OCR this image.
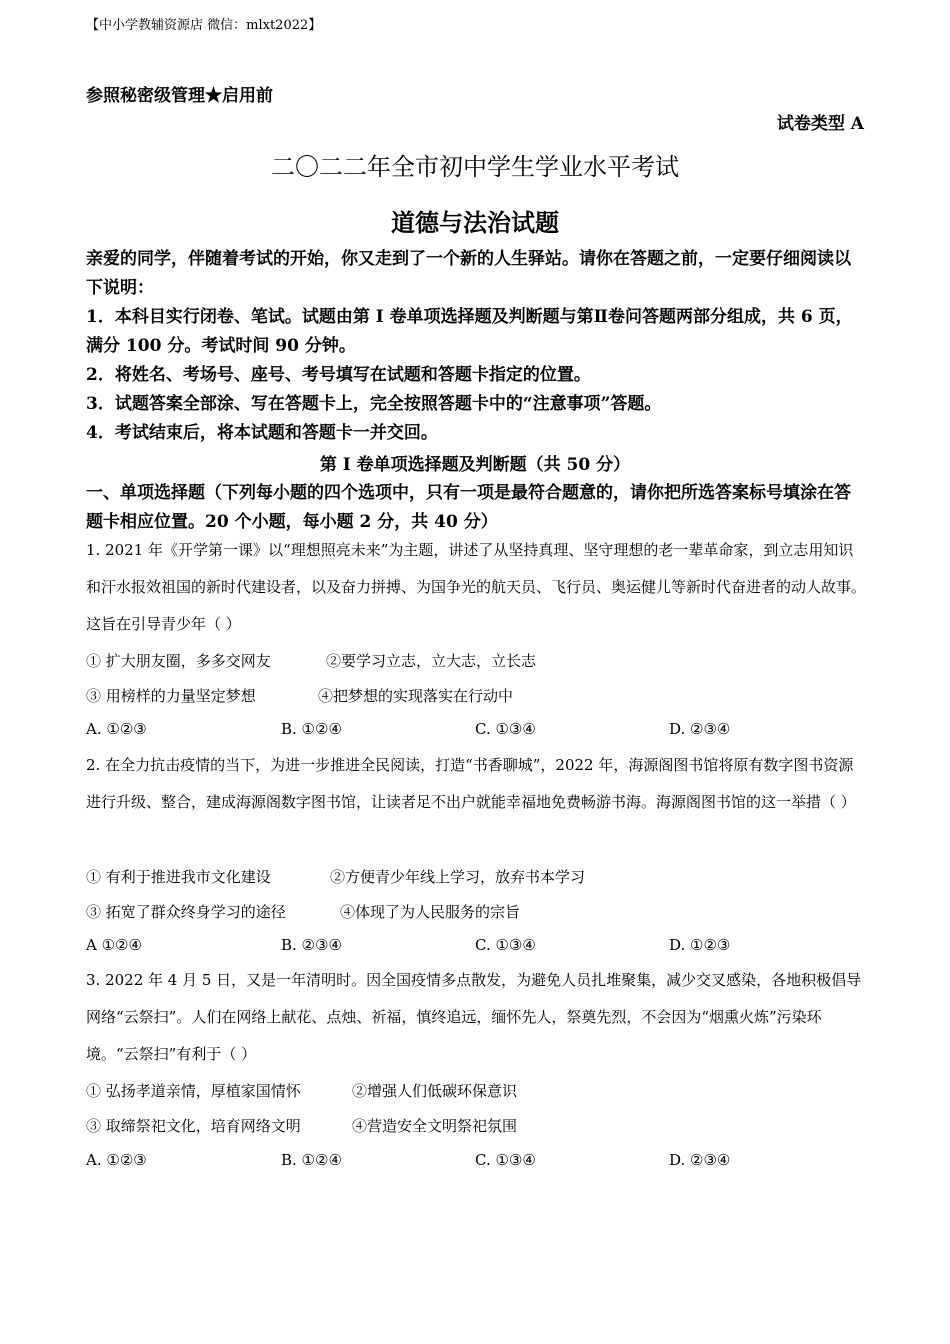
【中小学教辅资源店 微信：mlxt2022】
参照秘密级管理★启用前
试卷类型 A
二〇二二年全市初中学生学业水平考试
道德与法治试题
亲爱的同学，伴随着考试的开始，你又走到了一个新的人生驿站。请你在答题之前，一定要仔细阅读以下说明：
1．本科目实行闭卷、笔试。试题由第 I 卷单项选择题及判断题与第Ⅱ卷问答题两部分组成，共 6 页，满分 100 分。考试时间 90 分钟。
2．将姓名、考场号、座号、考号填写在试题和答题卡指定的位置。
3．试题答案全部涂、写在答题卡上，完全按照答题卡中的“注意事项”答题。
4．考试结束后，将本试题和答题卡一并交回。
第 I 卷单项选择题及判断题（共 50 分）
一、单项选择题（下列每小题的四个选项中，只有一项是最符合题意的，请你把所选答案标号填涂在答题卡相应位置。20 个小题，每小题 2 分，共 40 分）
1. 2021 年《开学第一课》以“理想照亮未来”为主题，讲述了从坚持真理、坚守理想的老一辈革命家，到立志用知识和汗水报效祖国的新时代建设者，以及奋力拼搏、为国争光的航天员、飞行员、奥运健儿等新时代奋进者的动人故事。这旨在引导青少年（ ）
① 扩大朋友圈，多多交网友	②要学习立志，立大志，立长志
③ 用榜样的力量坚定梦想	④把梦想的实现落实在行动中
A. ①②③	B. ①②④	C. ①③④	D. ②③④
2. 在全力抗击疫情的当下，为进一步推进全民阅读，打造“书香聊城”，2022 年，海源阁图书馆将原有数字图书资源进行升级、整合，建成海源阁数字图书馆，让读者足不出户就能幸福地免费畅游书海。海源阁图书馆的这一举措（ ）
① 有利于推进我市文化建设	②方便青少年线上学习，放弃书本学习
③ 拓宽了群众终身学习的途径	④体现了为人民服务的宗旨
A ①②④	B. ②③④	C. ①③④	D. ①②③
3. 2022 年 4 月 5 日，又是一年清明时。因全国疫情多点散发，为避免人员扎堆聚集，减少交叉感染，各地积极倡导网络“云祭扫”。人们在网络上献花、点烛、祈福，慎终追远，缅怀先人，祭奠先烈，不会因为“烟熏火炼”污染环境。“云祭扫”有利于（ ）
① 弘扬孝道亲情，厚植家国情怀	②增强人们低碳环保意识
③ 取缔祭祀文化，培育网络文明	④营造安全文明祭祀氛围
A. ①②③	B. ①②④	C. ①③④	D. ②③④
